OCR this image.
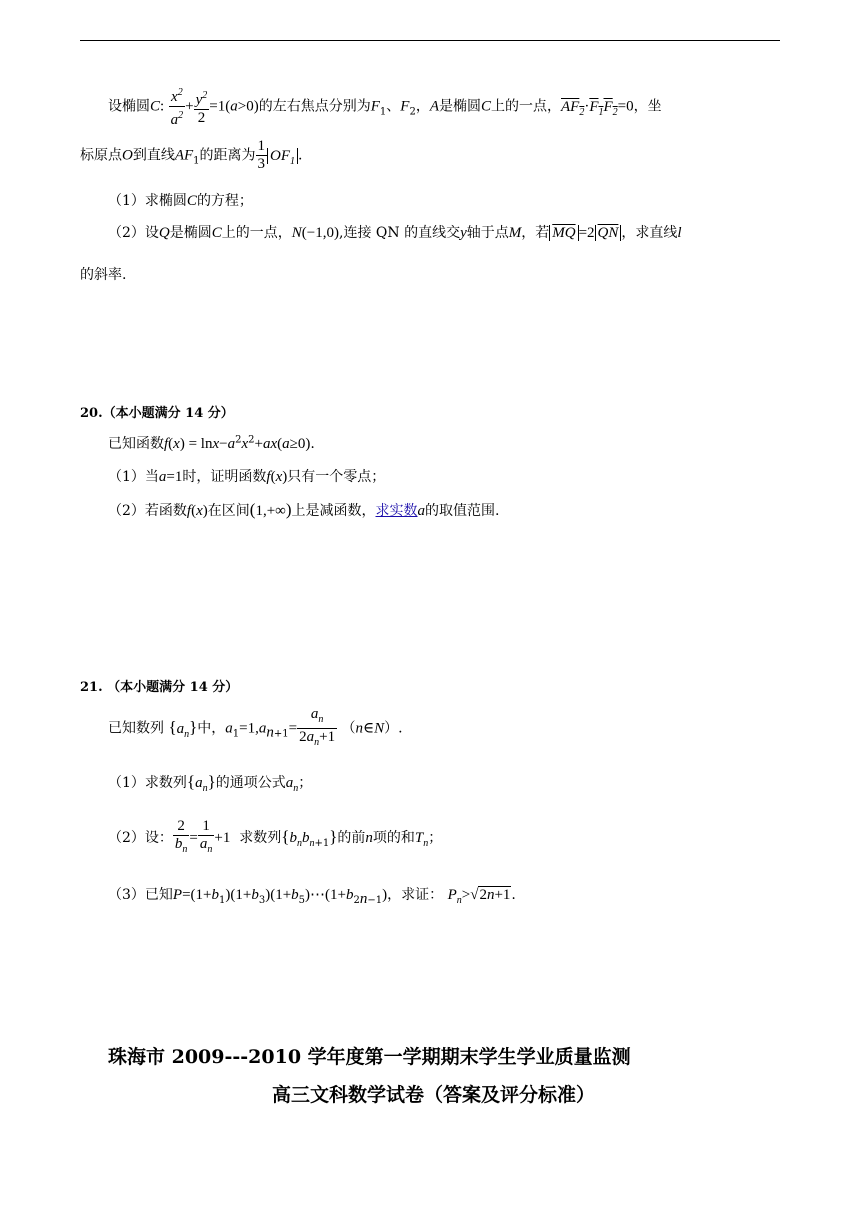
设椭圆C: $\frac{x^2}{a^2} + \frac{y^2}{2} =1(a>0)$的左右焦点分别为$F_1$、$F_2$，A是椭圆C上的一点，$AF_2\cdot F_1F_2=0$，坐
标原点O到直线$AF_1$的距离为 $\frac{1}{3} OF_1$ .
（1）求椭圆C的方程；
（2）设Q是椭圆C上的一点，N(−1,0),连接 QN 的直线交y轴于点M，若 $\overline{MQ} =2$ $\overline{QN}$ ，求直线l
的斜率.
20.（本小题满分 14 分）
已知函数$f(x) = \ln x-a^2x^2+ax(a\ge 0)$.
（1）当a=1时，证明函数f(x)只有一个零点；
（2）若函数f(x)在区间(1,+∞)上是减函数，求实数a的取值范围.
21. （本小题满分 14 分）
已知数列 $\{a_n\}$中，$a_1=1,a_{n+1}= \frac{a_n}{2a_n+1}$ （n∈N）.
（1）求数列$\{a_n\}$的通项公式$a_n$；
（2）设： $\frac{2}{b_n} = \frac{1}{a_n} +1$ 求数列$\{b_nb_{n+1}\}$的前n项的和$T_n$；
（3）已知$P=(1+b_1)(1+b_3)(1+b_5)\cdots(1+b_{2n-1})$，求证： $P_n>√2n+1$.
珠海市 2009---2010 学年度第一学期期末学生学业质量监测
高三文科数学试卷（答案及评分标准）
